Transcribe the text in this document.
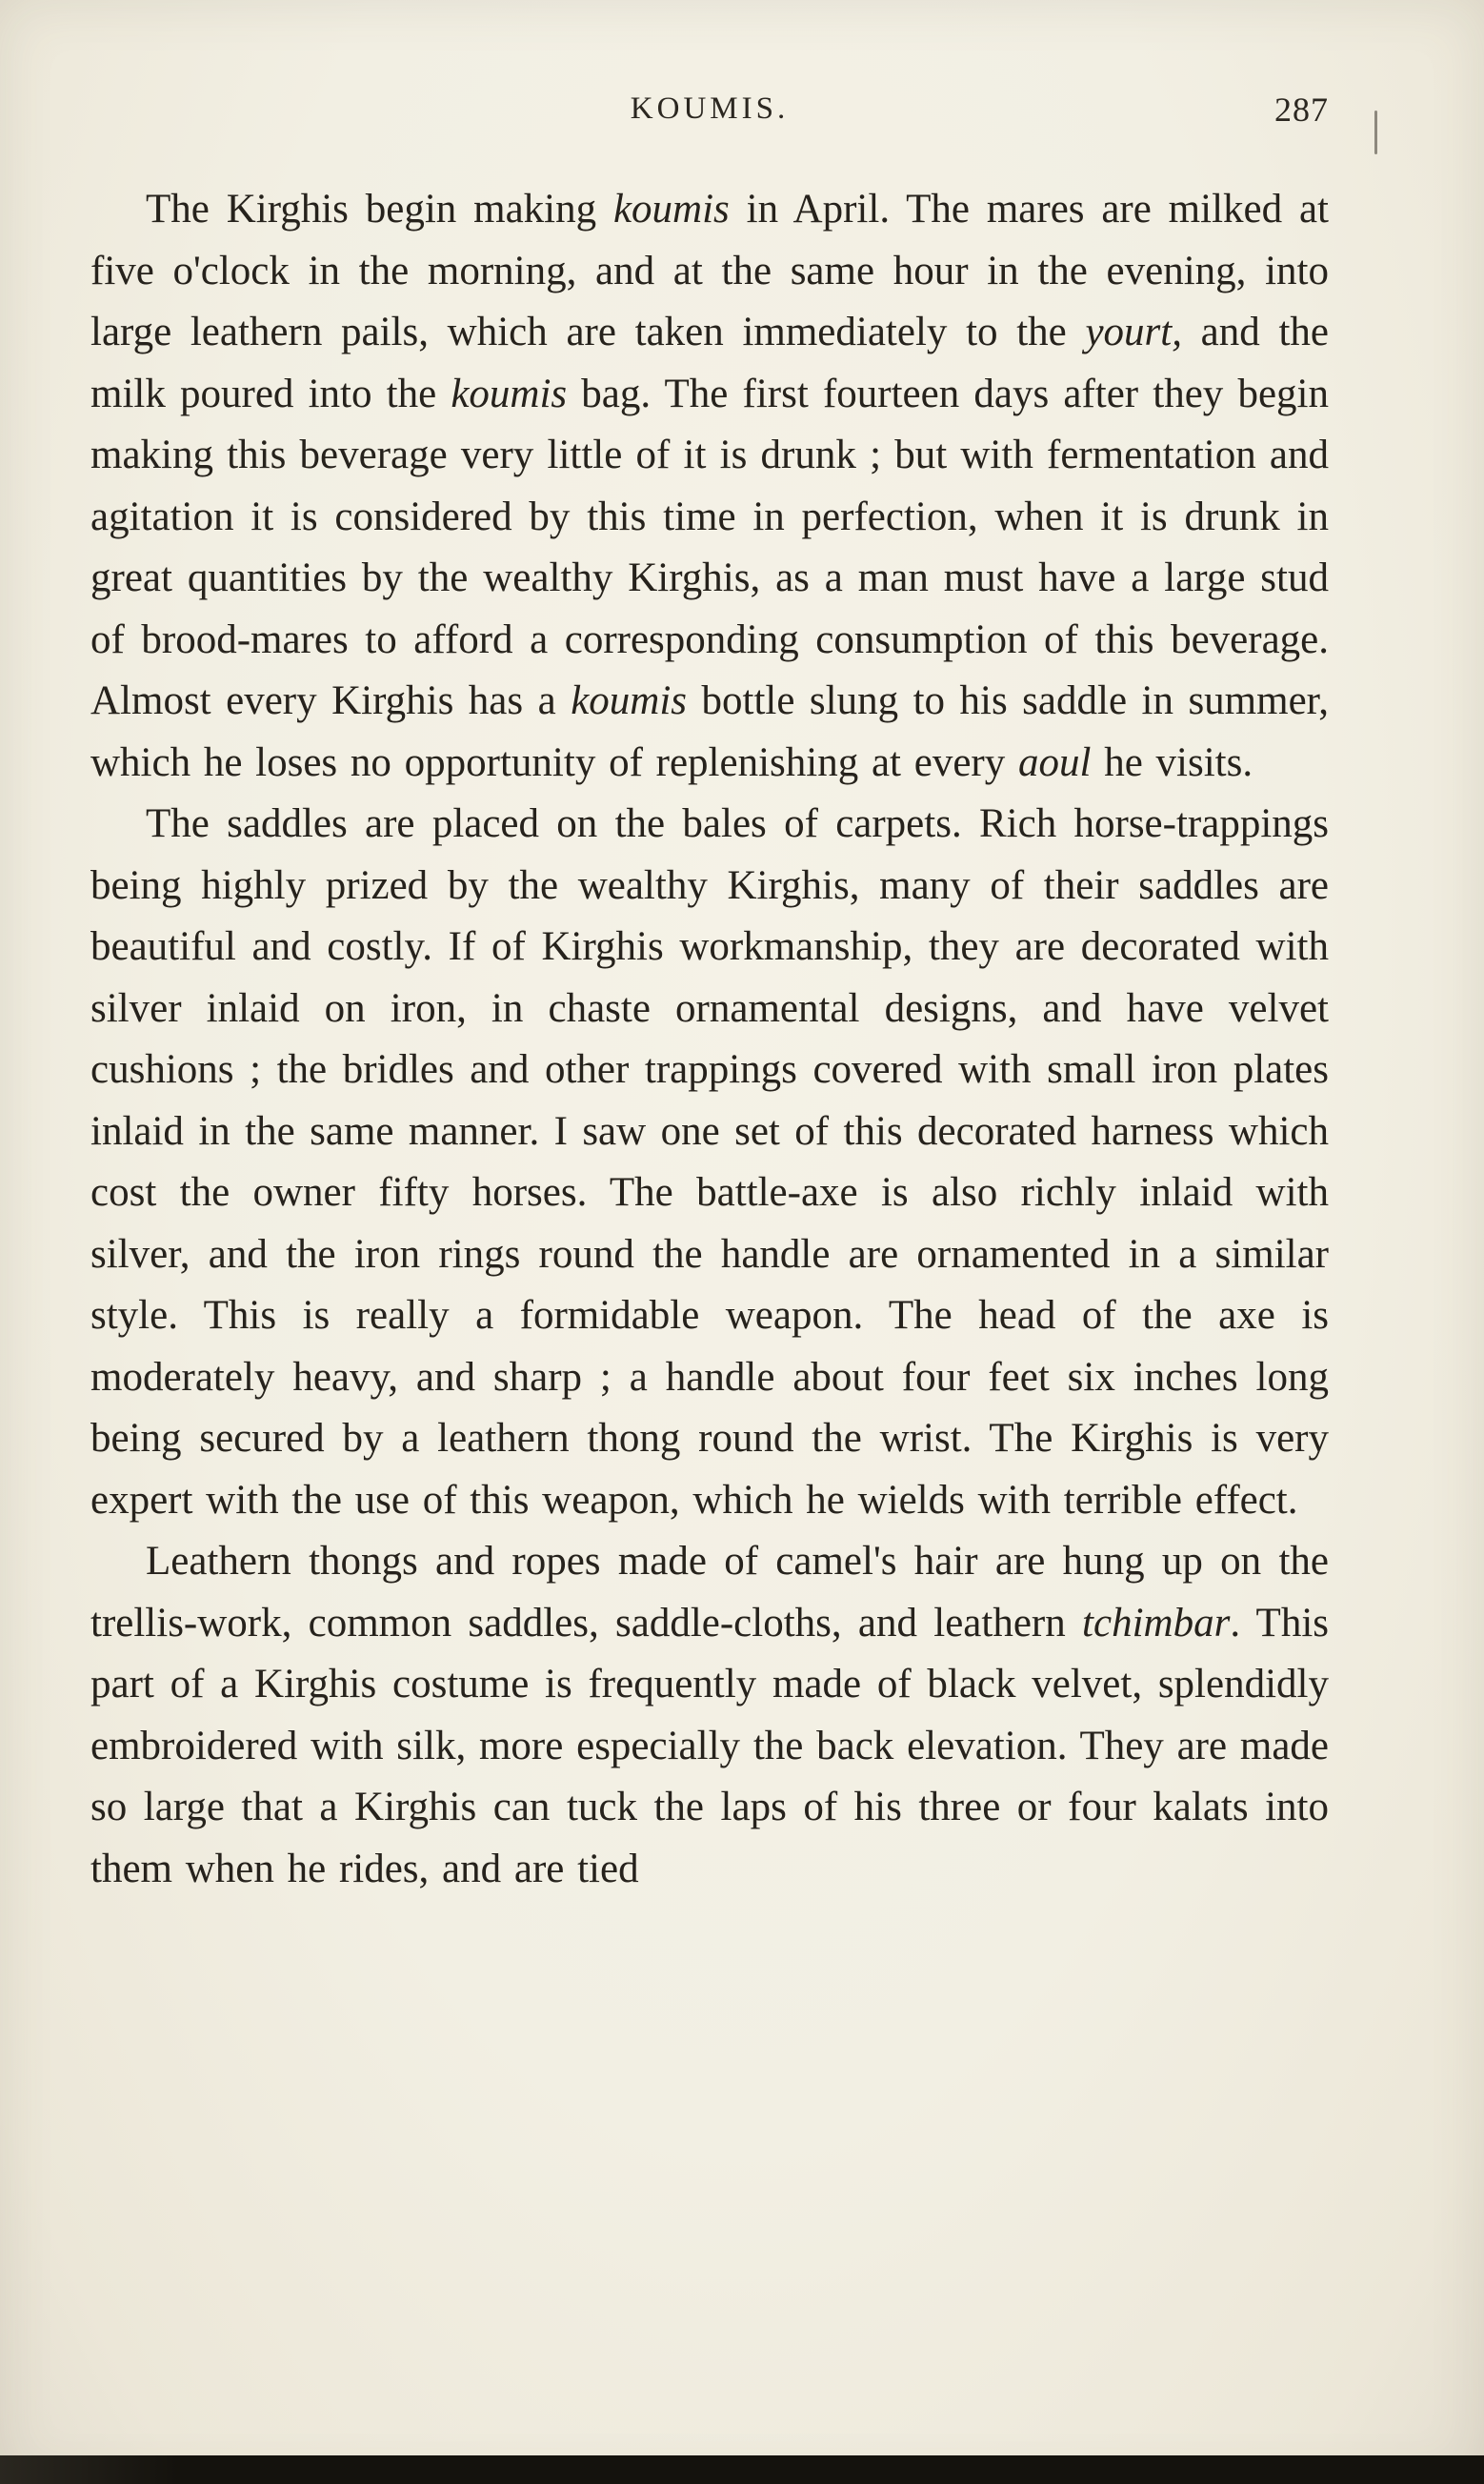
KOUMIS.	287

The Kirghis begin making koumis in April. The mares are milked at five o'clock in the morning, and at the same hour in the evening, into large leathern pails, which are taken immediately to the yourt, and the milk poured into the koumis bag. The first fourteen days after they begin making this beverage very little of it is drunk ; but with fermentation and agitation it is considered by this time in perfection, when it is drunk in great quantities by the wealthy Kirghis, as a man must have a large stud of brood-mares to afford a corresponding consumption of this beverage. Almost every Kirghis has a koumis bottle slung to his saddle in summer, which he loses no opportunity of replenishing at every aoul he visits.

The saddles are placed on the bales of carpets. Rich horse-trappings being highly prized by the wealthy Kirghis, many of their saddles are beautiful and costly. If of Kirghis workmanship, they are decorated with silver inlaid on iron, in chaste ornamental designs, and have velvet cushions ; the bridles and other trappings covered with small iron plates inlaid in the same manner. I saw one set of this decorated harness which cost the owner fifty horses. The battle-axe is also richly inlaid with silver, and the iron rings round the handle are ornamented in a similar style. This is really a formidable weapon. The head of the axe is moderately heavy, and sharp ; a handle about four feet six inches long being secured by a leathern thong round the wrist. The Kirghis is very expert with the use of this weapon, which he wields with terrible effect.

Leathern thongs and ropes made of camel's hair are hung up on the trellis-work, common saddles, saddle-cloths, and leathern tchimbar. This part of a Kirghis costume is frequently made of black velvet, splendidly embroidered with silk, more especially the back elevation. They are made so large that a Kirghis can tuck the laps of his three or four kalats into them when he rides, and are tied
